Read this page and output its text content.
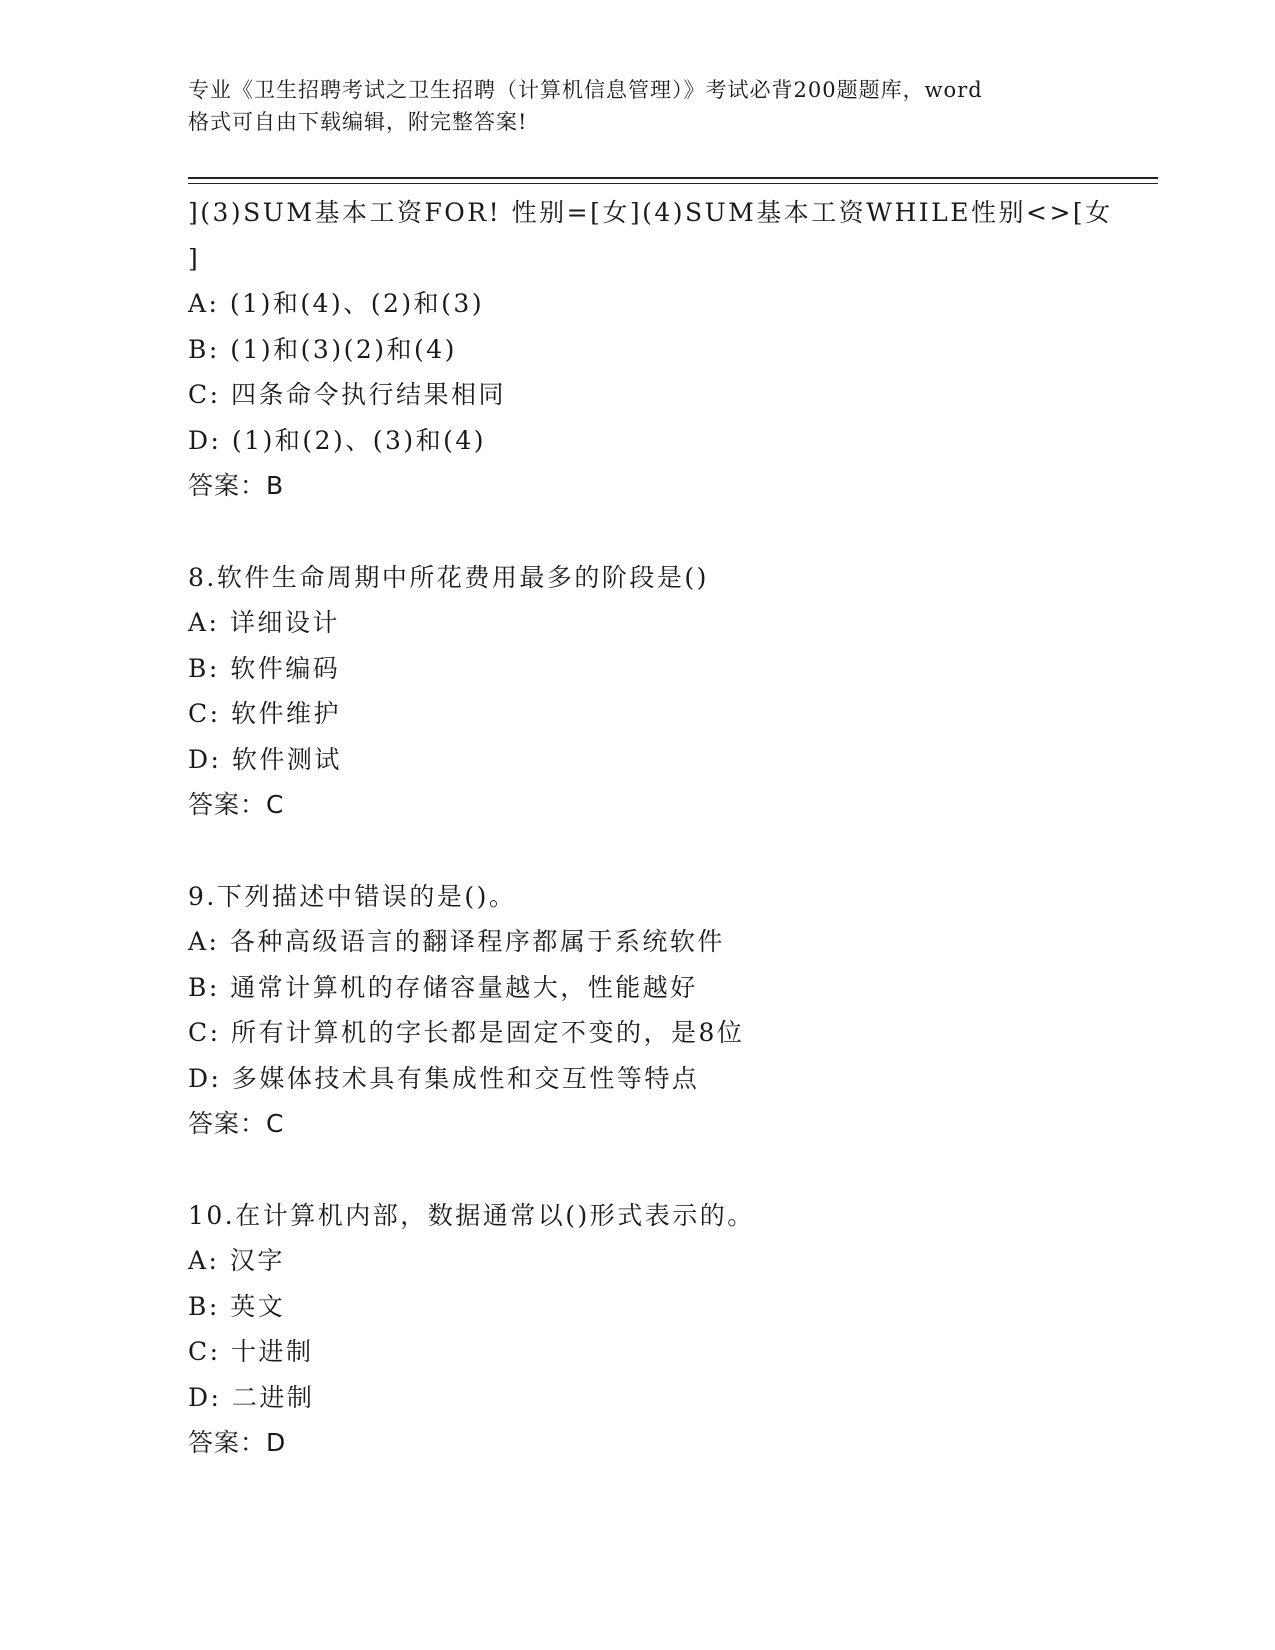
专业《卫生招聘考试之卫生招聘（计算机信息管理）》考试必背200题题库，word
格式可自由下载编辑，附完整答案!
](3)SUM基本工资FOR! 性别=[女](4)SUM基本工资WHILE性别<>[女
]
A: (1)和(4)、(2)和(3)
B: (1)和(3)(2)和(4)
C: 四条命令执行结果相同
D: (1)和(2)、(3)和(4)
答案：B
8.软件生命周期中所花费用最多的阶段是()
A: 详细设计
B: 软件编码
C: 软件维护
D: 软件测试
答案：C
9.下列描述中错误的是()。
A: 各种高级语言的翻译程序都属于系统软件
B: 通常计算机的存储容量越大，性能越好
C: 所有计算机的字长都是固定不变的，是8位
D: 多媒体技术具有集成性和交互性等特点
答案：C
10.在计算机内部，数据通常以()形式表示的。
A: 汉字
B: 英文
C: 十进制
D: 二进制
答案：D
